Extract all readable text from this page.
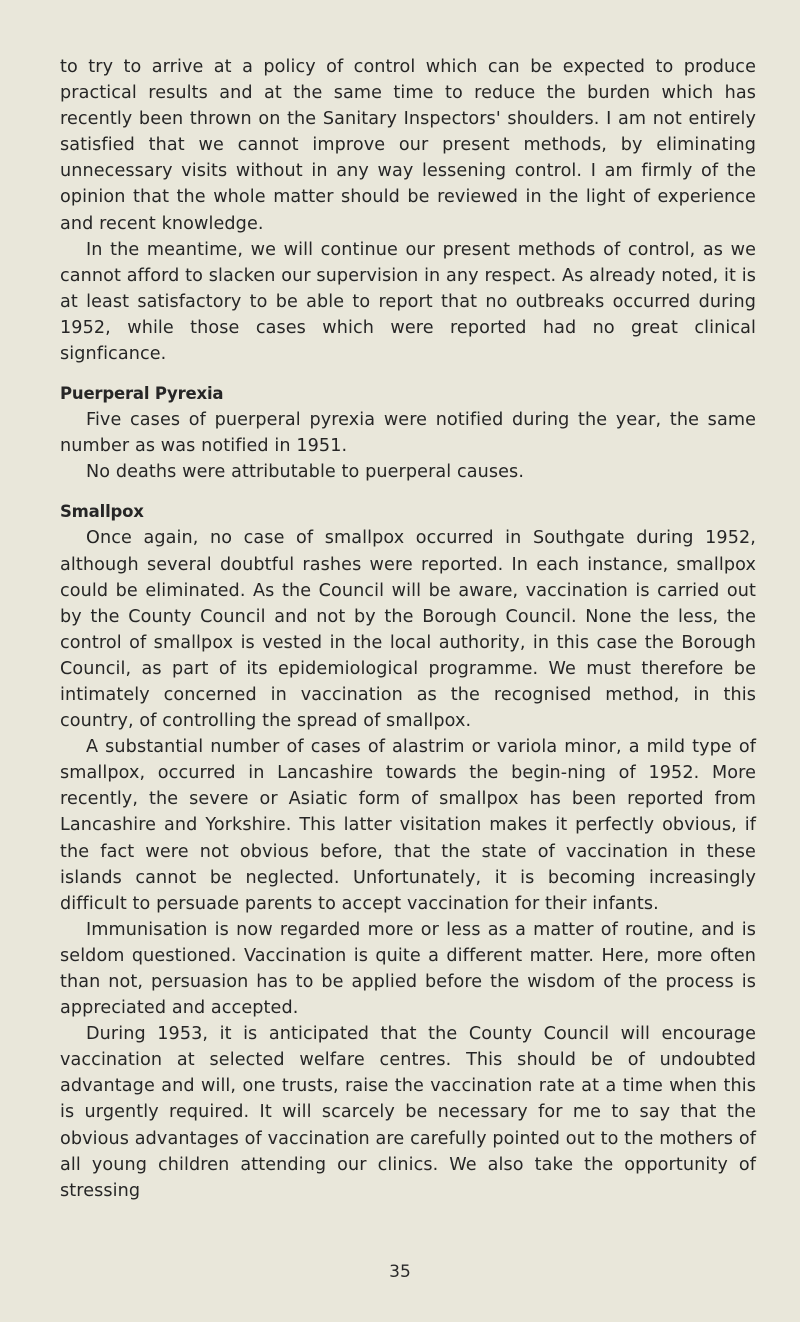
to try to arrive at a policy of control which can be expected to produce practical results and at the same time to reduce the burden which has recently been thrown on the Sanitary Inspectors' shoulders. I am not entirely satisfied that we cannot improve our present methods, by eliminating unnecessary visits without in any way lessening control. I am firmly of the opinion that the whole matter should be reviewed in the light of experience and recent knowledge.

In the meantime, we will continue our present methods of control, as we cannot afford to slacken our supervision in any respect. As already noted, it is at least satisfactory to be able to report that no outbreaks occurred during 1952, while those cases which were reported had no great clinical signficance.

Puerperal Pyrexia

Five cases of puerperal pyrexia were notified during the year, the same number as was notified in 1951.

No deaths were attributable to puerperal causes.

Smallpox

Once again, no case of smallpox occurred in Southgate during 1952, although several doubtful rashes were reported. In each instance, smallpox could be eliminated. As the Council will be aware, vaccination is carried out by the County Council and not by the Borough Council. None the less, the control of smallpox is vested in the local authority, in this case the Borough Council, as part of its epidemiological programme. We must therefore be intimately concerned in vaccination as the recognised method, in this country, of controlling the spread of smallpox.

A substantial number of cases of alastrim or variola minor, a mild type of smallpox, occurred in Lancashire towards the begin-ning of 1952. More recently, the severe or Asiatic form of smallpox has been reported from Lancashire and Yorkshire. This latter visitation makes it perfectly obvious, if the fact were not obvious before, that the state of vaccination in these islands cannot be neglected. Unfortunately, it is becoming increasingly difficult to persuade parents to accept vaccination for their infants.

Immunisation is now regarded more or less as a matter of routine, and is seldom questioned. Vaccination is quite a different matter. Here, more often than not, persuasion has to be applied before the wisdom of the process is appreciated and accepted.

During 1953, it is anticipated that the County Council will encourage vaccination at selected welfare centres. This should be of undoubted advantage and will, one trusts, raise the vaccination rate at a time when this is urgently required. It will scarcely be necessary for me to say that the obvious advantages of vaccination are carefully pointed out to the mothers of all young children attending our clinics. We also take the opportunity of stressing

35
